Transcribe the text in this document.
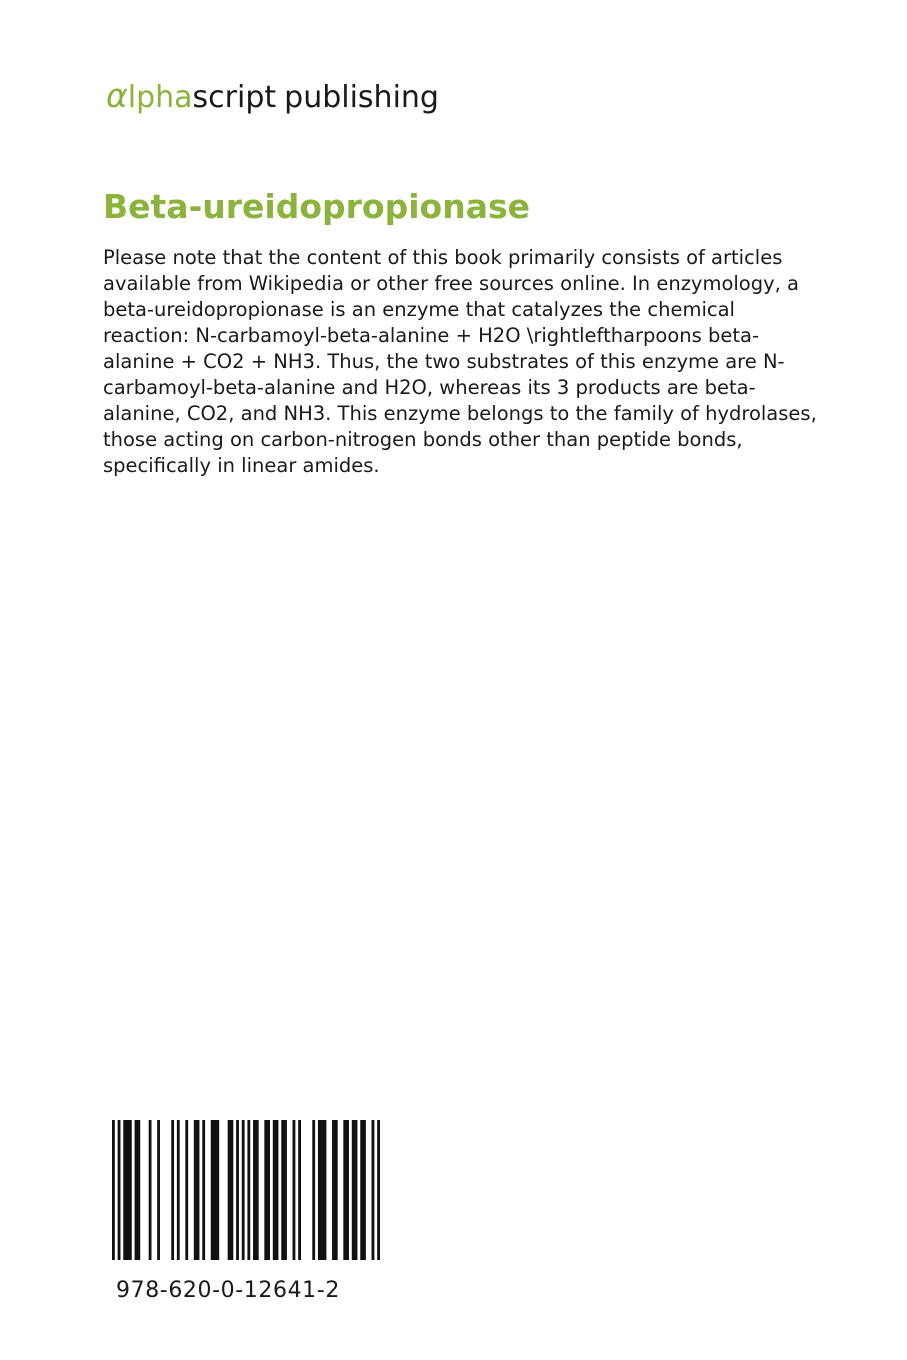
α lpha script publishing
Beta-ureidopropionase

Please note that the content of this book primarily consists of articles available from Wikipedia or other free sources online. In enzymology, a beta-ureidopropionase is an enzyme that catalyzes the chemical reaction: N-carbamoyl-beta-alanine + H2O \rightleftharpoons beta-alanine + CO2 + NH3. Thus, the two substrates of this enzyme are N-carbamoyl-beta-alanine and H2O, whereas its 3 products are beta-alanine, CO2, and NH3. This enzyme belongs to the family of hydrolases, those acting on carbon-nitrogen bonds other than peptide bonds, specifically in linear amides.

978-620-0-12641-2
